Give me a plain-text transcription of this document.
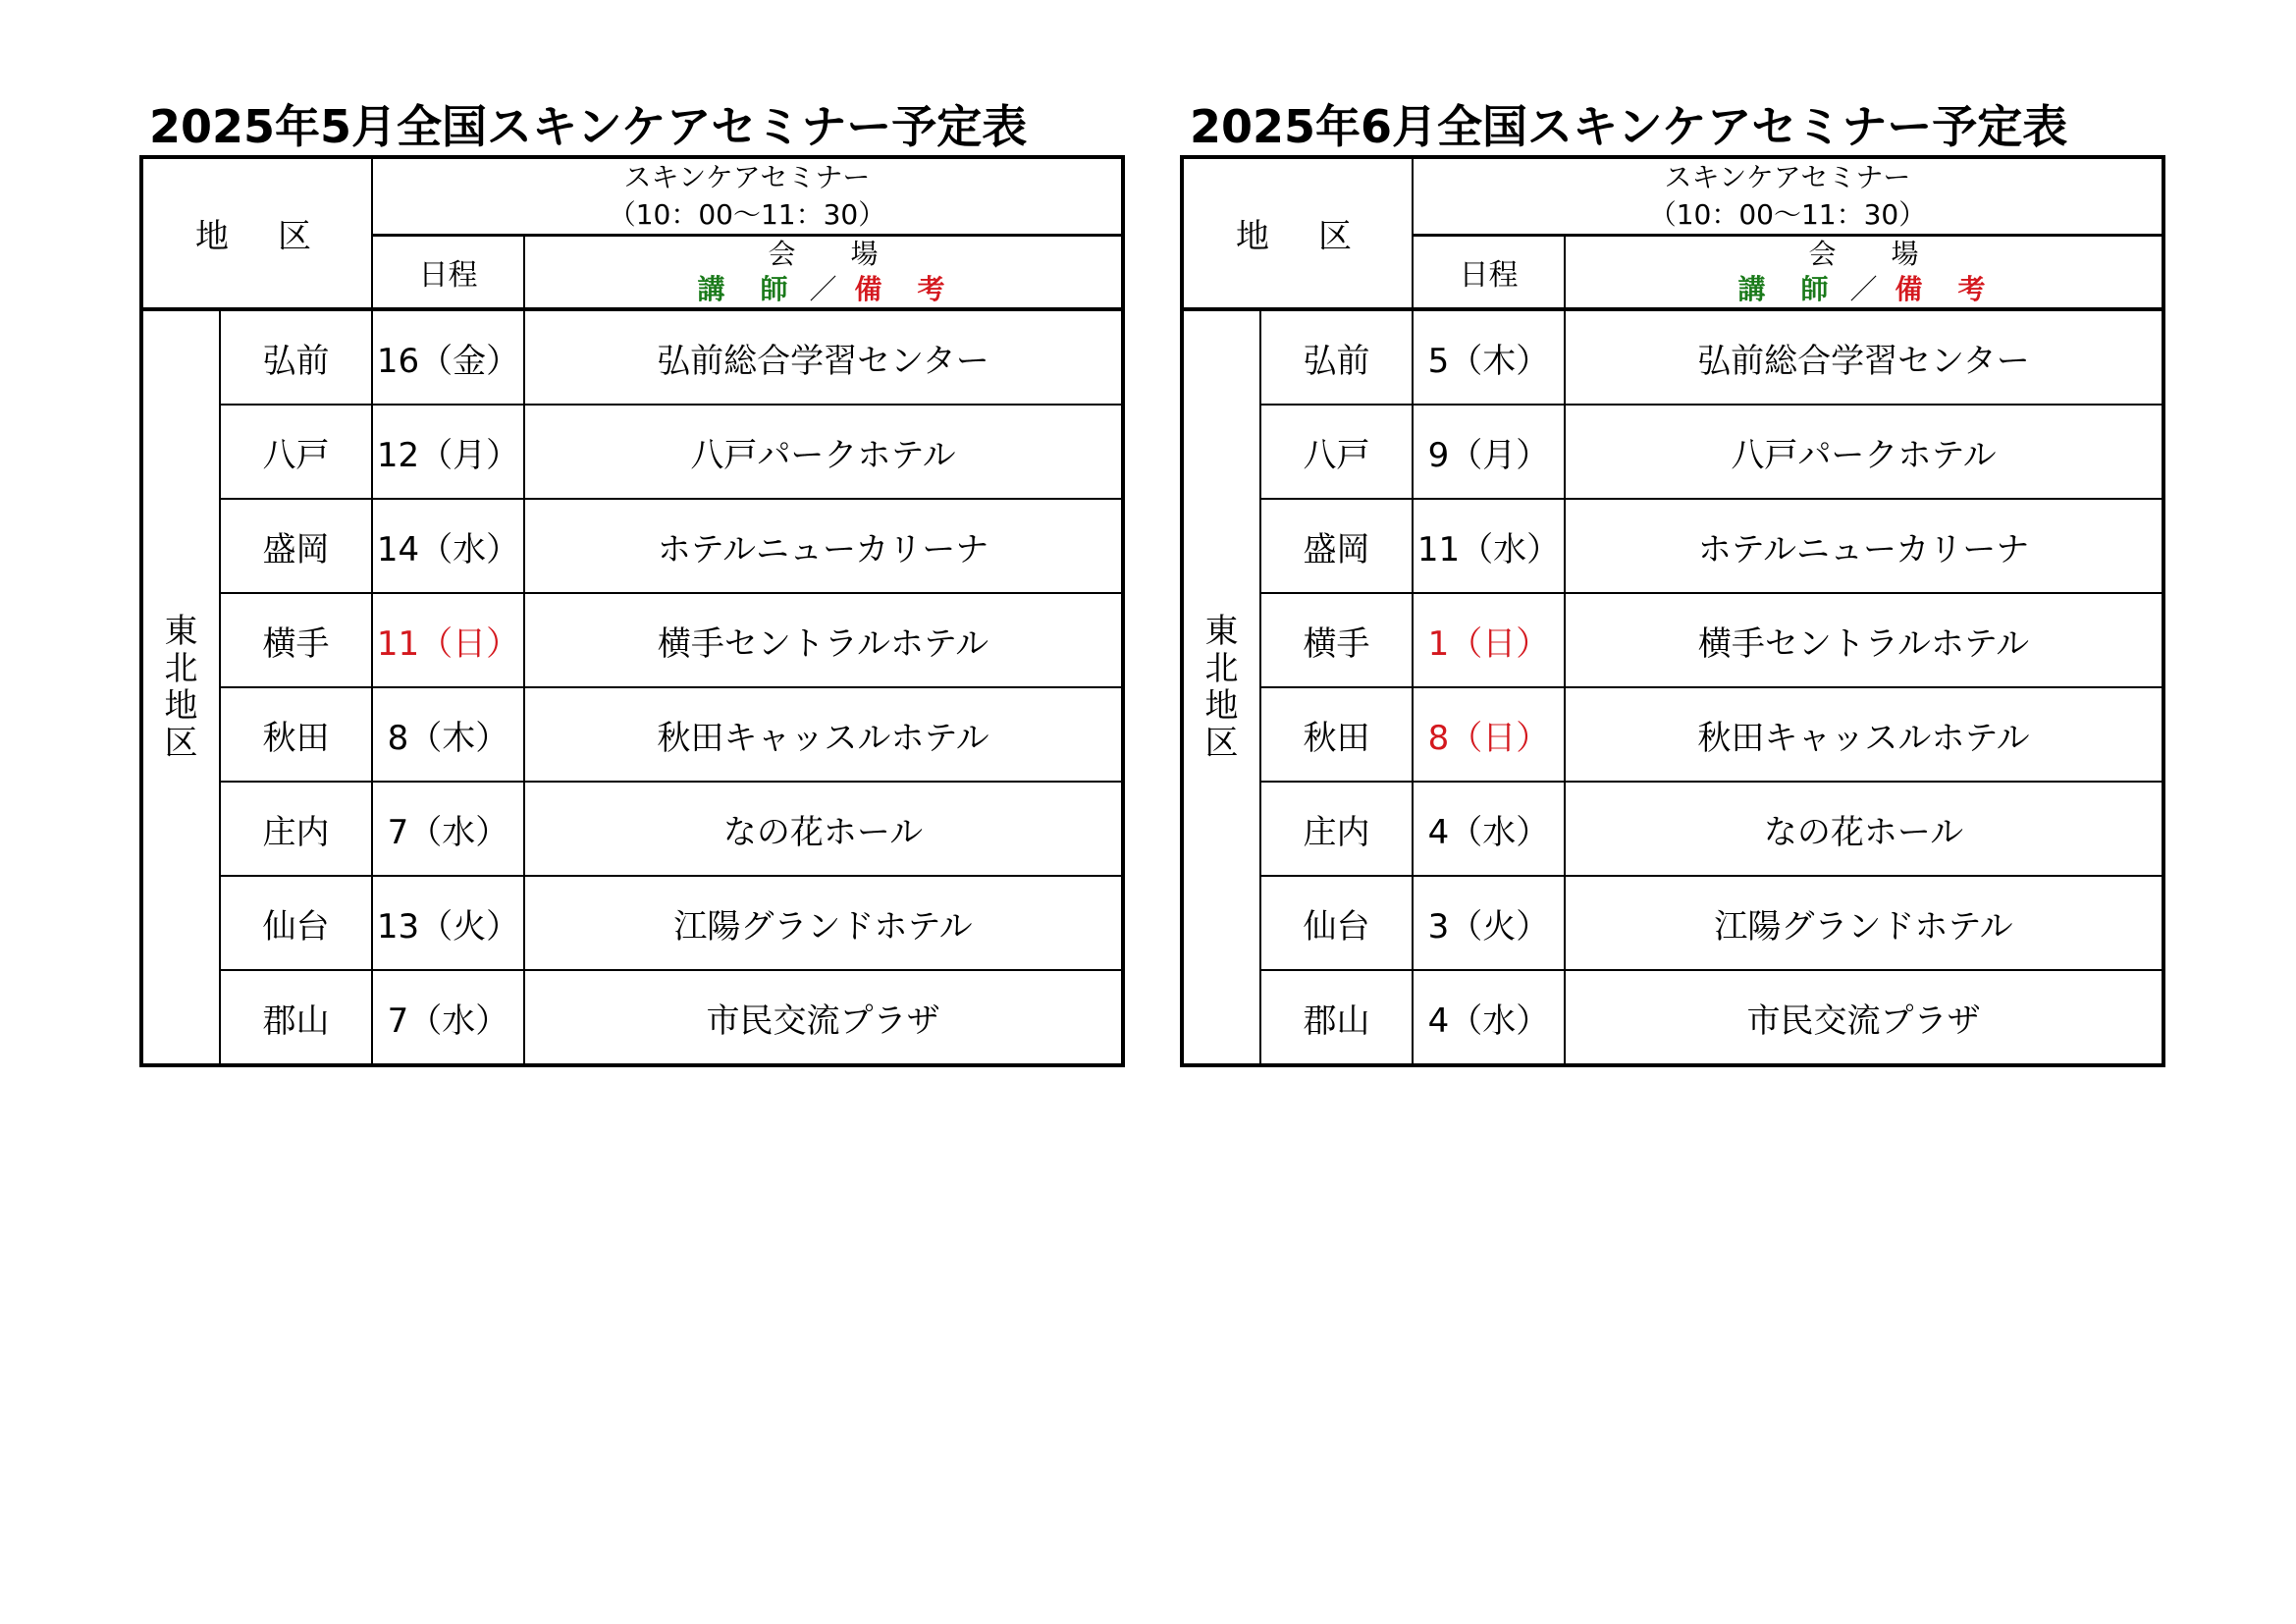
2025年5月全国スキンケアセミナー予定表
地　区		スキンケアセミナー
（10：00～11：30）	

		日程	会　　場
講　師 ／ 備　考

東北地区	弘前	16（金）	弘前総合学習センター
	八戸	12（月）	八戸パークホテル
	盛岡	14（水）	ホテルニューカリーナ
	横手	11（日）	横手セントラルホテル
	秋田	8（木）	秋田キャッスルホテル
	庄内	7（水）	なの花ホール
	仙台	13（火）	江陽グランドホテル
	郡山	7（水）	市民交流プラザ
2025年6月全国スキンケアセミナー予定表
地　区		スキンケアセミナー
（10：00～11：30）	

		日程	会　　場
講　師 ／ 備　考

東北地区	弘前	5（木）	弘前総合学習センター
	八戸	9（月）	八戸パークホテル
	盛岡	11（水）	ホテルニューカリーナ
	横手	1（日）	横手セントラルホテル
	秋田	8（日）	秋田キャッスルホテル
	庄内	4（水）	なの花ホール
	仙台	3（火）	江陽グランドホテル
	郡山	4（水）	市民交流プラザ
